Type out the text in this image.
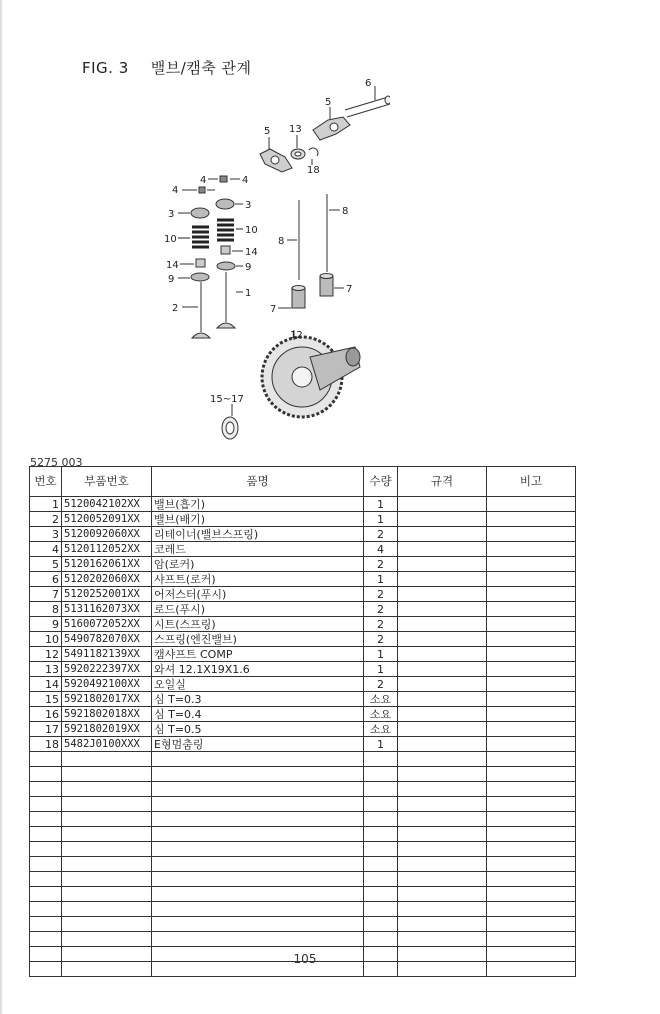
FIG. 3 밸브/캠축 관계
6
5
13
5
18
4	4
4
3
3
10
10
14
8
14
9
9
1
8
2	7
7
12
15~17
5275 003
번호	부품번호	품명	수량	규격	비고
1	5120042102XX	밸브(흡기)	1		
2	5120052091XX	밸브(배기)	1		
3	5120092060XX	리테이너(밸브스프링)	2		
4	5120112052XX	코레드	4		
5	5120162061XX	암(로커)	2		
6	5120202060XX	샤프트(로커)	1		
7	5120252001XX	어저스터(푸시)	2		
8	5131162073XX	로드(푸시)	2		
9	5160072052XX	시트(스프링)	2		
10	5490782070XX	스프링(엔진밸브)	2		
12	5491182139XX	캠샤프트 COMP	1		
13	5920222397XX	와셔 12.1X19X1.6	1		
14	5920492100XX	오일실	2		
15	5921802017XX	심 T=0.3	소요		
16	5921802018XX	심 T=0.4	소요		
17	5921802019XX	심 T=0.5	소요		
18	5482J0100XXX	E형멈춤링	1		

105
